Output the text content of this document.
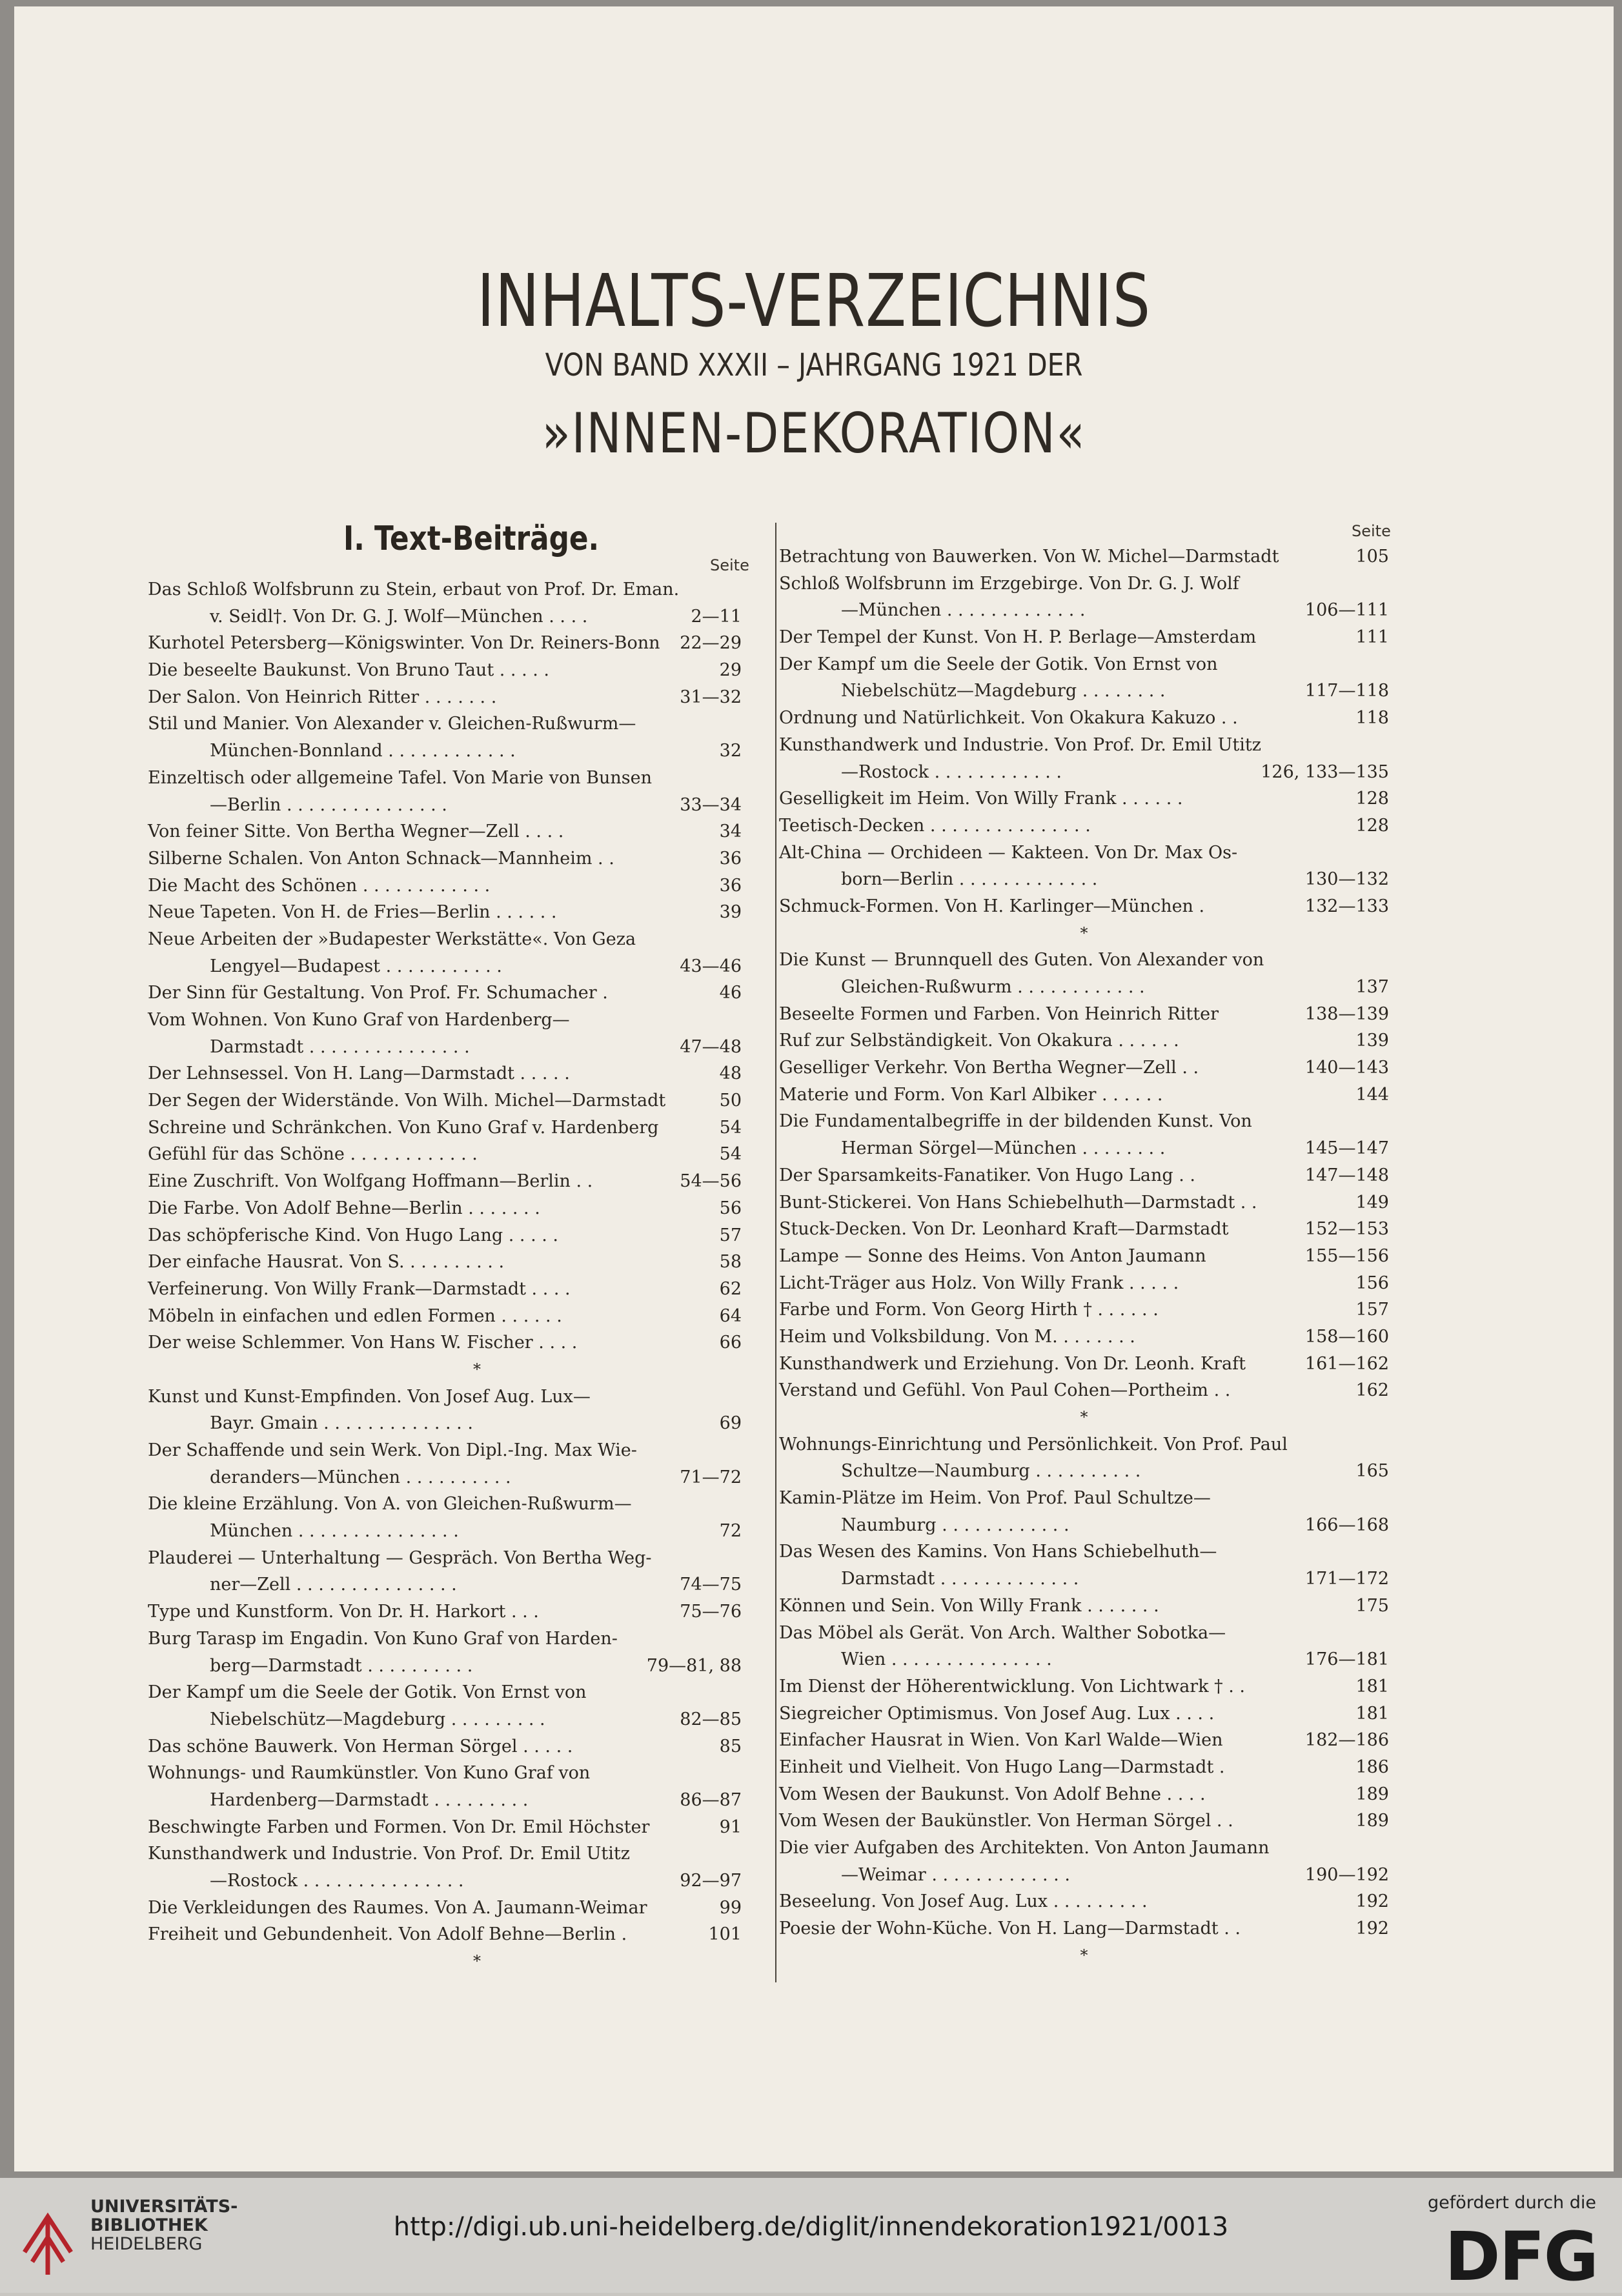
INHALTS-VERZEICHNIS
VON BAND XXXII – JAHRGANG 1921 DER
»INNEN-DEKORATION«
I. Text-Beiträge.
Seite
Seite
Das Schloß Wolfsbrunn zu Stein, erbaut von Prof. Dr. Eman.
v. Seidl†. Von Dr. G. J. Wolf—München . . . .	2—11
Kurhotel Petersberg—Königswinter. Von Dr. Reiners-Bonn 22—29
Die beseelte Baukunst. Von Bruno Taut . . . . .	29
Der Salon. Von Heinrich Ritter . . . . . . .	31—32
Stil und Manier. Von Alexander v. Gleichen-Rußwurm—
München-Bonnland . . . . . . . . . . . .	32
Einzeltisch oder allgemeine Tafel. Von Marie von Bunsen
—Berlin . . . . . . . . . . . . . . .	33—34
Von feiner Sitte. Von Bertha Wegner—Zell . . . .	34
Silberne Schalen. Von Anton Schnack—Mannheim . .	36
Die Macht des Schönen . . . . . . . . . . . .	36
Neue Tapeten. Von H. de Fries—Berlin . . . . . .	39
Neue Arbeiten der »Budapester Werkstätte«. Von Geza
Lengyel—Budapest . . . . . . . . . . .	43—46
Der Sinn für Gestaltung. Von Prof. Fr. Schumacher .	46
Vom Wohnen. Von Kuno Graf von Hardenberg—
Darmstadt . . . . . . . . . . . . . . .	47—48
Der Lehnsessel. Von H. Lang—Darmstadt . . . . .	48
Der Segen der Widerstände. Von Wilh. Michel—Darmstadt	50
Schreine und Schränkchen. Von Kuno Graf v. Hardenberg	54
Gefühl für das Schöne . . . . . . . . . . . .	54
Eine Zuschrift. Von Wolfgang Hoffmann—Berlin . .	54—56
Die Farbe. Von Adolf Behne—Berlin . . . . . . .	56
Das schöpferische Kind. Von Hugo Lang . . . . .	57
Der einfache Hausrat. Von S. . . . . . . . . .	58
Verfeinerung. Von Willy Frank—Darmstadt . . . .	62
Möbeln in einfachen und edlen Formen . . . . . .	64
Der weise Schlemmer. Von Hans W. Fischer . . . .	66
*
Kunst und Kunst-Empfinden. Von Josef Aug. Lux—
Bayr. Gmain . . . . . . . . . . . . . .	69
Der Schaffende und sein Werk. Von Dipl.-Ing. Max Wie-
deranders—München . . . . . . . . . .	71—72
Die kleine Erzählung. Von A. von Gleichen-Rußwurm—
München . . . . . . . . . . . . . . .	72
Plauderei — Unterhaltung — Gespräch. Von Bertha Weg-
ner—Zell . . . . . . . . . . . . . . .	74—75
Type und Kunstform. Von Dr. H. Harkort . . .	75—76
Burg Tarasp im Engadin. Von Kuno Graf von Harden-
berg—Darmstadt . . . . . . . . . .	79—81, 88
Der Kampf um die Seele der Gotik. Von Ernst von
Niebelschütz—Magdeburg . . . . . . . . .	82—85
Das schöne Bauwerk. Von Herman Sörgel . . . . .	85
Wohnungs- und Raumkünstler. Von Kuno Graf von
Hardenberg—Darmstadt . . . . . . . . .	86—87
Beschwingte Farben und Formen. Von Dr. Emil Höchster	91
Kunsthandwerk und Industrie. Von Prof. Dr. Emil Utitz
—Rostock . . . . . . . . . . . . . . .	92—97
Die Verkleidungen des Raumes. Von A. Jaumann-Weimar	99
Freiheit und Gebundenheit. Von Adolf Behne—Berlin .	101
*
Betrachtung von Bauwerken. Von W. Michel—Darmstadt	105
Schloß Wolfsbrunn im Erzgebirge. Von Dr. G. J. Wolf
—München . . . . . . . . . . . . .	106—111
Der Tempel der Kunst. Von H. P. Berlage—Amsterdam	111
Der Kampf um die Seele der Gotik. Von Ernst von
Niebelschütz—Magdeburg . . . . . . . .	117—118
Ordnung und Natürlichkeit. Von Okakura Kakuzo . .	118
Kunsthandwerk und Industrie. Von Prof. Dr. Emil Utitz
—Rostock . . . . . . . . . . . .	126, 133—135
Geselligkeit im Heim. Von Willy Frank . . . . . .	128
Teetisch-Decken . . . . . . . . . . . . . . .	128
Alt-China — Orchideen — Kakteen. Von Dr. Max Os-
born—Berlin . . . . . . . . . . . . .	130—132
Schmuck-Formen. Von H. Karlinger—München .	132—133
*
Die Kunst — Brunnquell des Guten. Von Alexander von
Gleichen-Rußwurm . . . . . . . . . . . .	137
Beseelte Formen und Farben. Von Heinrich Ritter	138—139
Ruf zur Selbständigkeit. Von Okakura . . . . . .	139
Geselliger Verkehr. Von Bertha Wegner—Zell . .	140—143
Materie und Form. Von Karl Albiker . . . . . .	144
Die Fundamentalbegriffe in der bildenden Kunst. Von
Herman Sörgel—München . . . . . . . .	145—147
Der Sparsamkeits-Fanatiker. Von Hugo Lang . .	147—148
Bunt-Stickerei. Von Hans Schiebelhuth—Darmstadt . .	149
Stuck-Decken. Von Dr. Leonhard Kraft—Darmstadt	152—153
Lampe — Sonne des Heims. Von Anton Jaumann	155—156
Licht-Träger aus Holz. Von Willy Frank . . . . .	156
Farbe und Form. Von Georg Hirth † . . . . . .	157
Heim und Volksbildung. Von M. . . . . . . .	158—160
Kunsthandwerk und Erziehung. Von Dr. Leonh. Kraft	161—162
Verstand und Gefühl. Von Paul Cohen—Portheim . .	162
*
Wohnungs-Einrichtung und Persönlichkeit. Von Prof. Paul
Schultze—Naumburg . . . . . . . . . .	165
Kamin-Plätze im Heim. Von Prof. Paul Schultze—
Naumburg . . . . . . . . . . . .	166—168
Das Wesen des Kamins. Von Hans Schiebelhuth—
Darmstadt . . . . . . . . . . . . .	171—172
Können und Sein. Von Willy Frank . . . . . . .	175
Das Möbel als Gerät. Von Arch. Walther Sobotka—
Wien . . . . . . . . . . . . . . .	176—181
Im Dienst der Höherentwicklung. Von Lichtwark † . .	181
Siegreicher Optimismus. Von Josef Aug. Lux . . . .	181
Einfacher Hausrat in Wien. Von Karl Walde—Wien	182—186
Einheit und Vielheit. Von Hugo Lang—Darmstadt .	186
Vom Wesen der Baukunst. Von Adolf Behne . . . .	189
Vom Wesen der Baukünstler. Von Herman Sörgel . .	189
Die vier Aufgaben des Architekten. Von Anton Jaumann
—Weimar . . . . . . . . . . . . .	190—192
Beseelung. Von Josef Aug. Lux . . . . . . . . .	192
Poesie der Wohn-Küche. Von H. Lang—Darmstadt . .	192
*
UNIVERSITÄTS-
BIBLIOTHEK
HEIDELBERG
http://digi.ub.uni-heidelberg.de/diglit/innendekoration1921/0013
gefördert durch die
DFG
